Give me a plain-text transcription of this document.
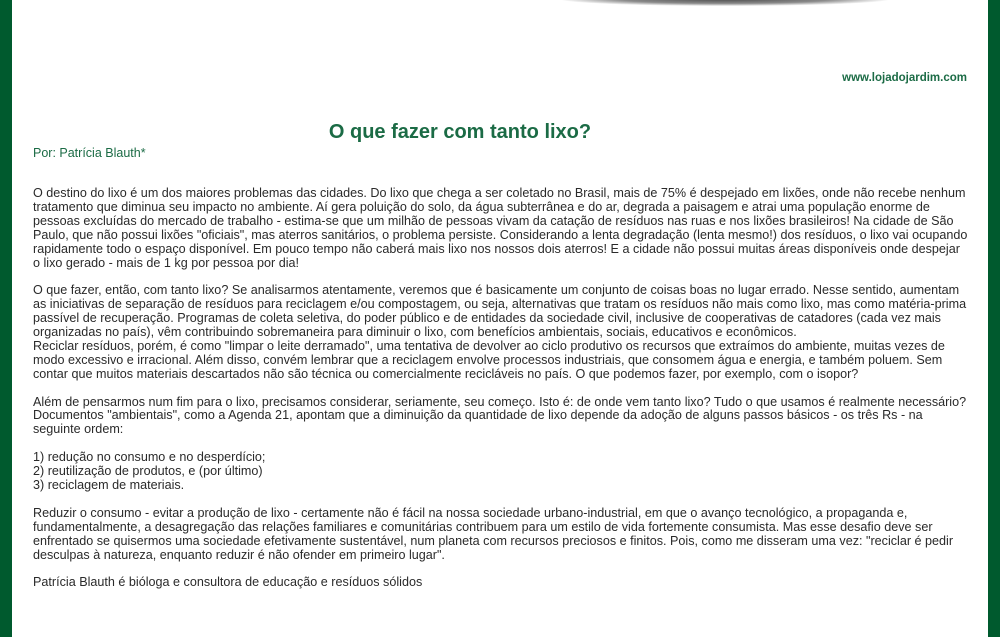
www.lojadojardim.com
O que fazer com tanto lixo?
Por: Patrícia Blauth*

O destino do lixo é um dos maiores problemas das cidades. Do lixo que chega a ser coletado no Brasil, mais de 75% é despejado em lixões, onde não recebe nenhum tratamento que diminua seu impacto no ambiente. Aí gera poluição do solo, da água subterrânea e do ar, degrada a paisagem e atrai uma população enorme de pessoas excluídas do mercado de trabalho - estima-se que um milhão de pessoas vivam da catação de resíduos nas ruas e nos lixões brasileiros! Na cidade de São Paulo, que não possui lixões "oficiais", mas aterros sanitários, o problema persiste. Considerando a lenta degradação (lenta mesmo!) dos resíduos, o lixo vai ocupando rapidamente todo o espaço disponível. Em pouco tempo não caberá mais lixo nos nossos dois aterros! E a cidade não possui muitas áreas disponíveis onde despejar o lixo gerado - mais de 1 kg por pessoa por dia!

O que fazer, então, com tanto lixo? Se analisarmos atentamente, veremos que é basicamente um conjunto de coisas boas no lugar errado. Nesse sentido, aumentam as iniciativas de separação de resíduos para reciclagem e/ou compostagem, ou seja, alternativas que tratam os resíduos não mais como lixo, mas como matéria-prima passível de recuperação. Programas de coleta seletiva, do poder público e de entidades da sociedade civil, inclusive de cooperativas de catadores (cada vez mais organizadas no país), vêm contribuindo sobremaneira para diminuir o lixo, com benefícios ambientais, sociais, educativos e econômicos.

Reciclar resíduos, porém, é como "limpar o leite derramado", uma tentativa de devolver ao ciclo produtivo os recursos que extraímos do ambiente, muitas vezes de modo excessivo e irracional. Além disso, convém lembrar que a reciclagem envolve processos industriais, que consomem água e energia, e também poluem. Sem contar que muitos materiais descartados não são técnica ou comercialmente recicláveis no país. O que podemos fazer, por exemplo, com o isopor?

Além de pensarmos num fim para o lixo, precisamos considerar, seriamente, seu começo. Isto é: de onde vem tanto lixo? Tudo o que usamos é realmente necessário? Documentos "ambientais", como a Agenda 21, apontam que a diminuição da quantidade de lixo depende da adoção de alguns passos básicos - os três Rs - na seguinte ordem:

1) redução no consumo e no desperdício;
2) reutilização de produtos, e (por último)
3) reciclagem de materiais.

Reduzir o consumo - evitar a produção de lixo - certamente não é fácil na nossa sociedade urbano-industrial, em que o avanço tecnológico, a propaganda e, fundamentalmente, a desagregação das relações familiares e comunitárias contribuem para um estilo de vida fortemente consumista. Mas esse desafio deve ser enfrentado se quisermos uma sociedade efetivamente sustentável, num planeta com recursos preciosos e finitos. Pois, como me disseram uma vez: "reciclar é pedir desculpas à natureza, enquanto reduzir é não ofender em primeiro lugar".

Patrícia Blauth é bióloga e consultora de educação e resíduos sólidos
